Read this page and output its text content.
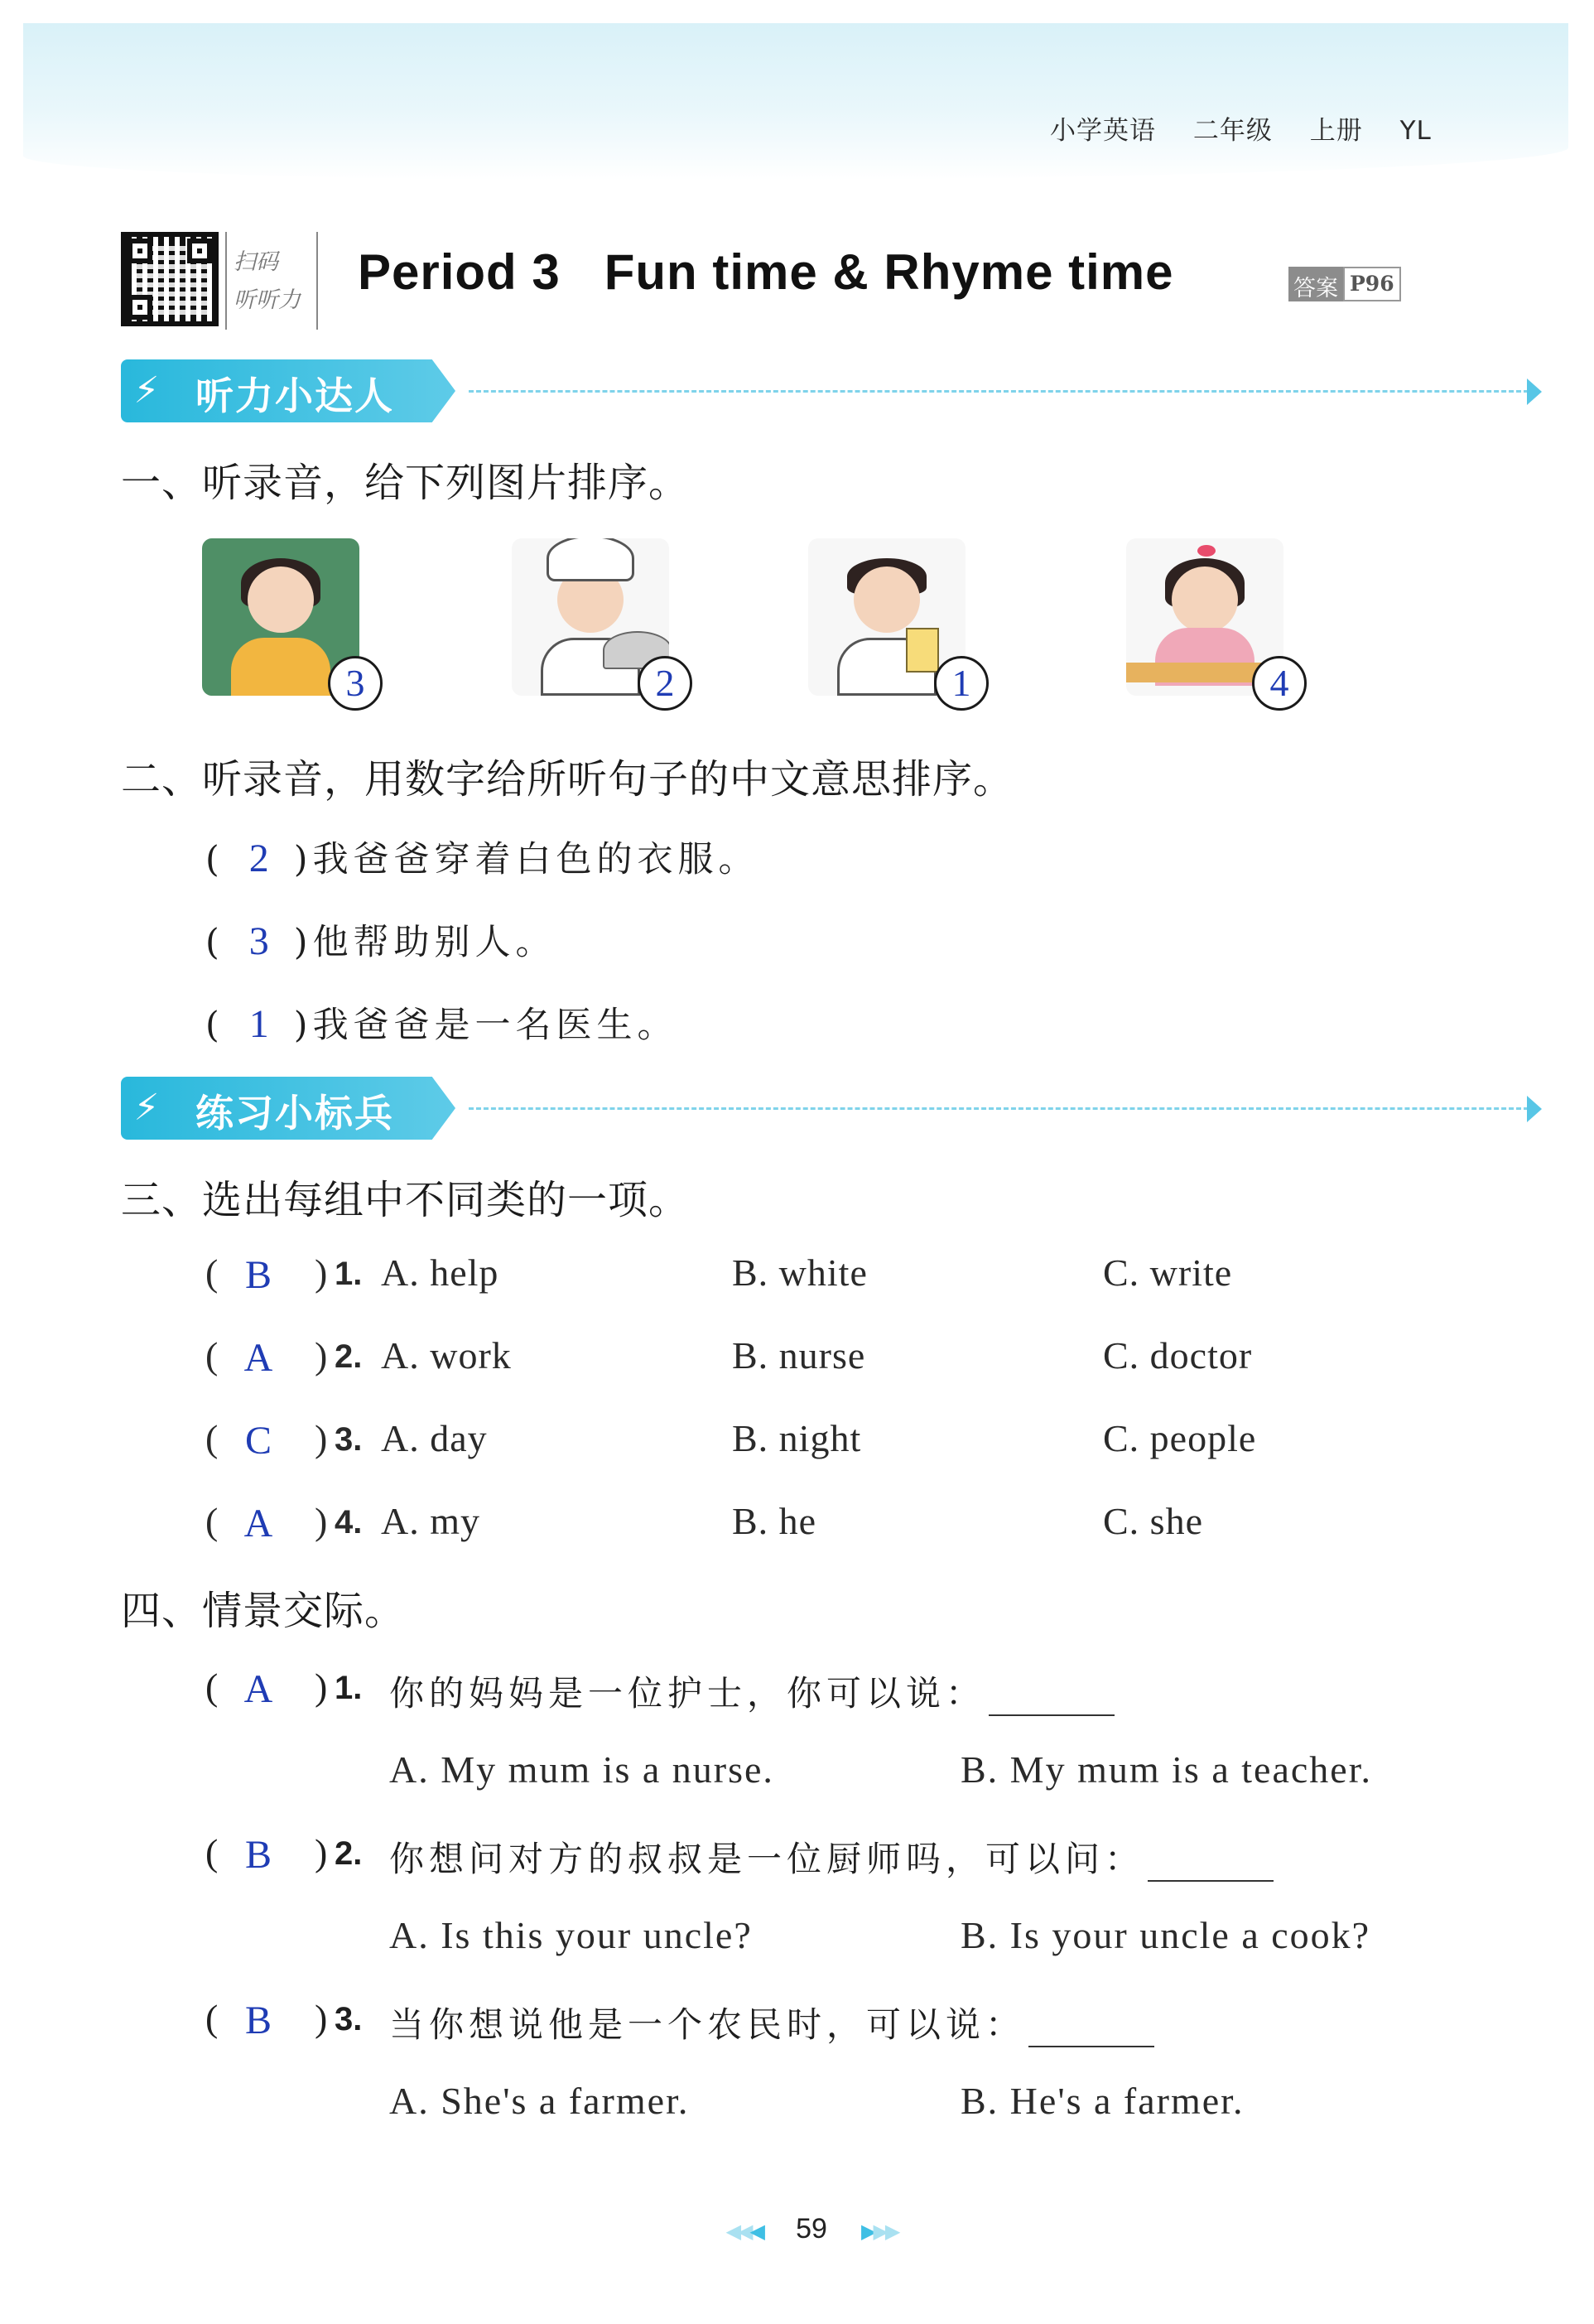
小学英语 二年级 上册 YL
扫码
听听力
Period 3   Fun time & Rhyme time	答案 P96
⚡ 听力小达人
一、听录音，给下列图片排序。
3	2	1	4
二、听录音，用数字给所听句子的中文意思排序。
( 2 )我爸爸穿着白色的衣服。
( 3 )他帮助别人。
( 1 )我爸爸是一名医生。
⚡ 练习小标兵
三、选出每组中不同类的一项。
( B	) 1. A. help	B. white	C. write
( A ) 2. A. work	B. nurse	C. doctor
( C	) 3. A. day	B. night	C. people
( A ) 4. A. my	B. he	C. she
四、情景交际。
( A ) 1. 你的妈妈是一位护士，你可以说：
A. My mum is a nurse.	B. My mum is a teacher.
( B	) 2. 你想问对方的叔叔是一位厨师吗，可以问：
A. Is this your uncle?	B. Is your uncle a cook?
( B	) 3. 当你想说他是一个农民时，可以说：
A. She's a farmer.	B. He's a farmer.
◀◀◀ 59 ▶▶▶
